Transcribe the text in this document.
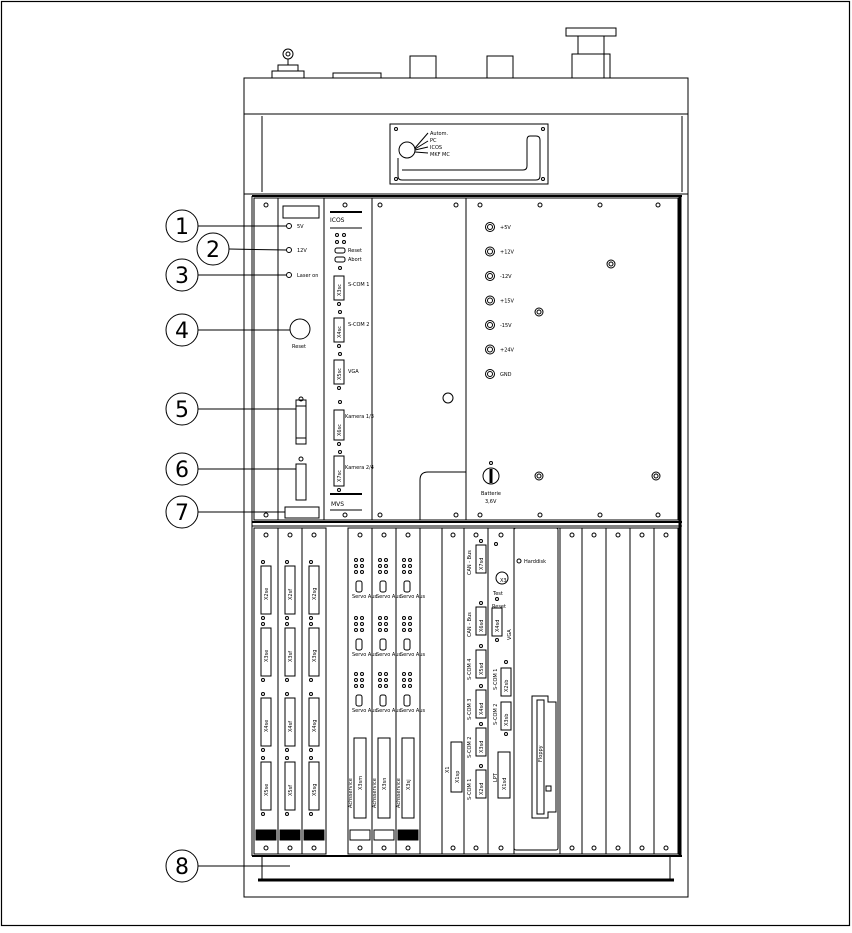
Autom.
PC
ICOS
MKF MC
5V
12V
Laser on
Reset
ICOS
Reset
Abort
X3sc S-COM 1
X4sc
S-COM 2
X5sc VGA
X6sc
Kamera 1/3
X7sc
Kamera 2/4
MVS
+5V
+12V
-12V
+15V
-15V
+24V
GND
Batterie
3,6V
X2se
X3se
X4se
X5se
X2sf
X3sf
X4sf
X5sf
X2sg
X3sg
X4sg
X5sg
Servo Aus
Servo Aus
Servo Aus
Achsservice X3sm
Servo Aus
Servo Aus
Servo Aus
Achsservice X3sn
Servo Aus
Servo Aus
Servo Aus
Achsservice X3sj
X1
X1sp
CAN - Bus X7sd
CAN - Bus X6sd
S-COM 4 X5sd
S-COM 3 X4sd
S-COM 2 X3sd
S-COM 1 X2sd
X3
Test
Reset
X4sd
VGA
S-COM 1 X2sb
S-COM 2 X3sb
LPT
X1sd
Harddisk
Floppy
1
2
3
4
5
6
7
8
